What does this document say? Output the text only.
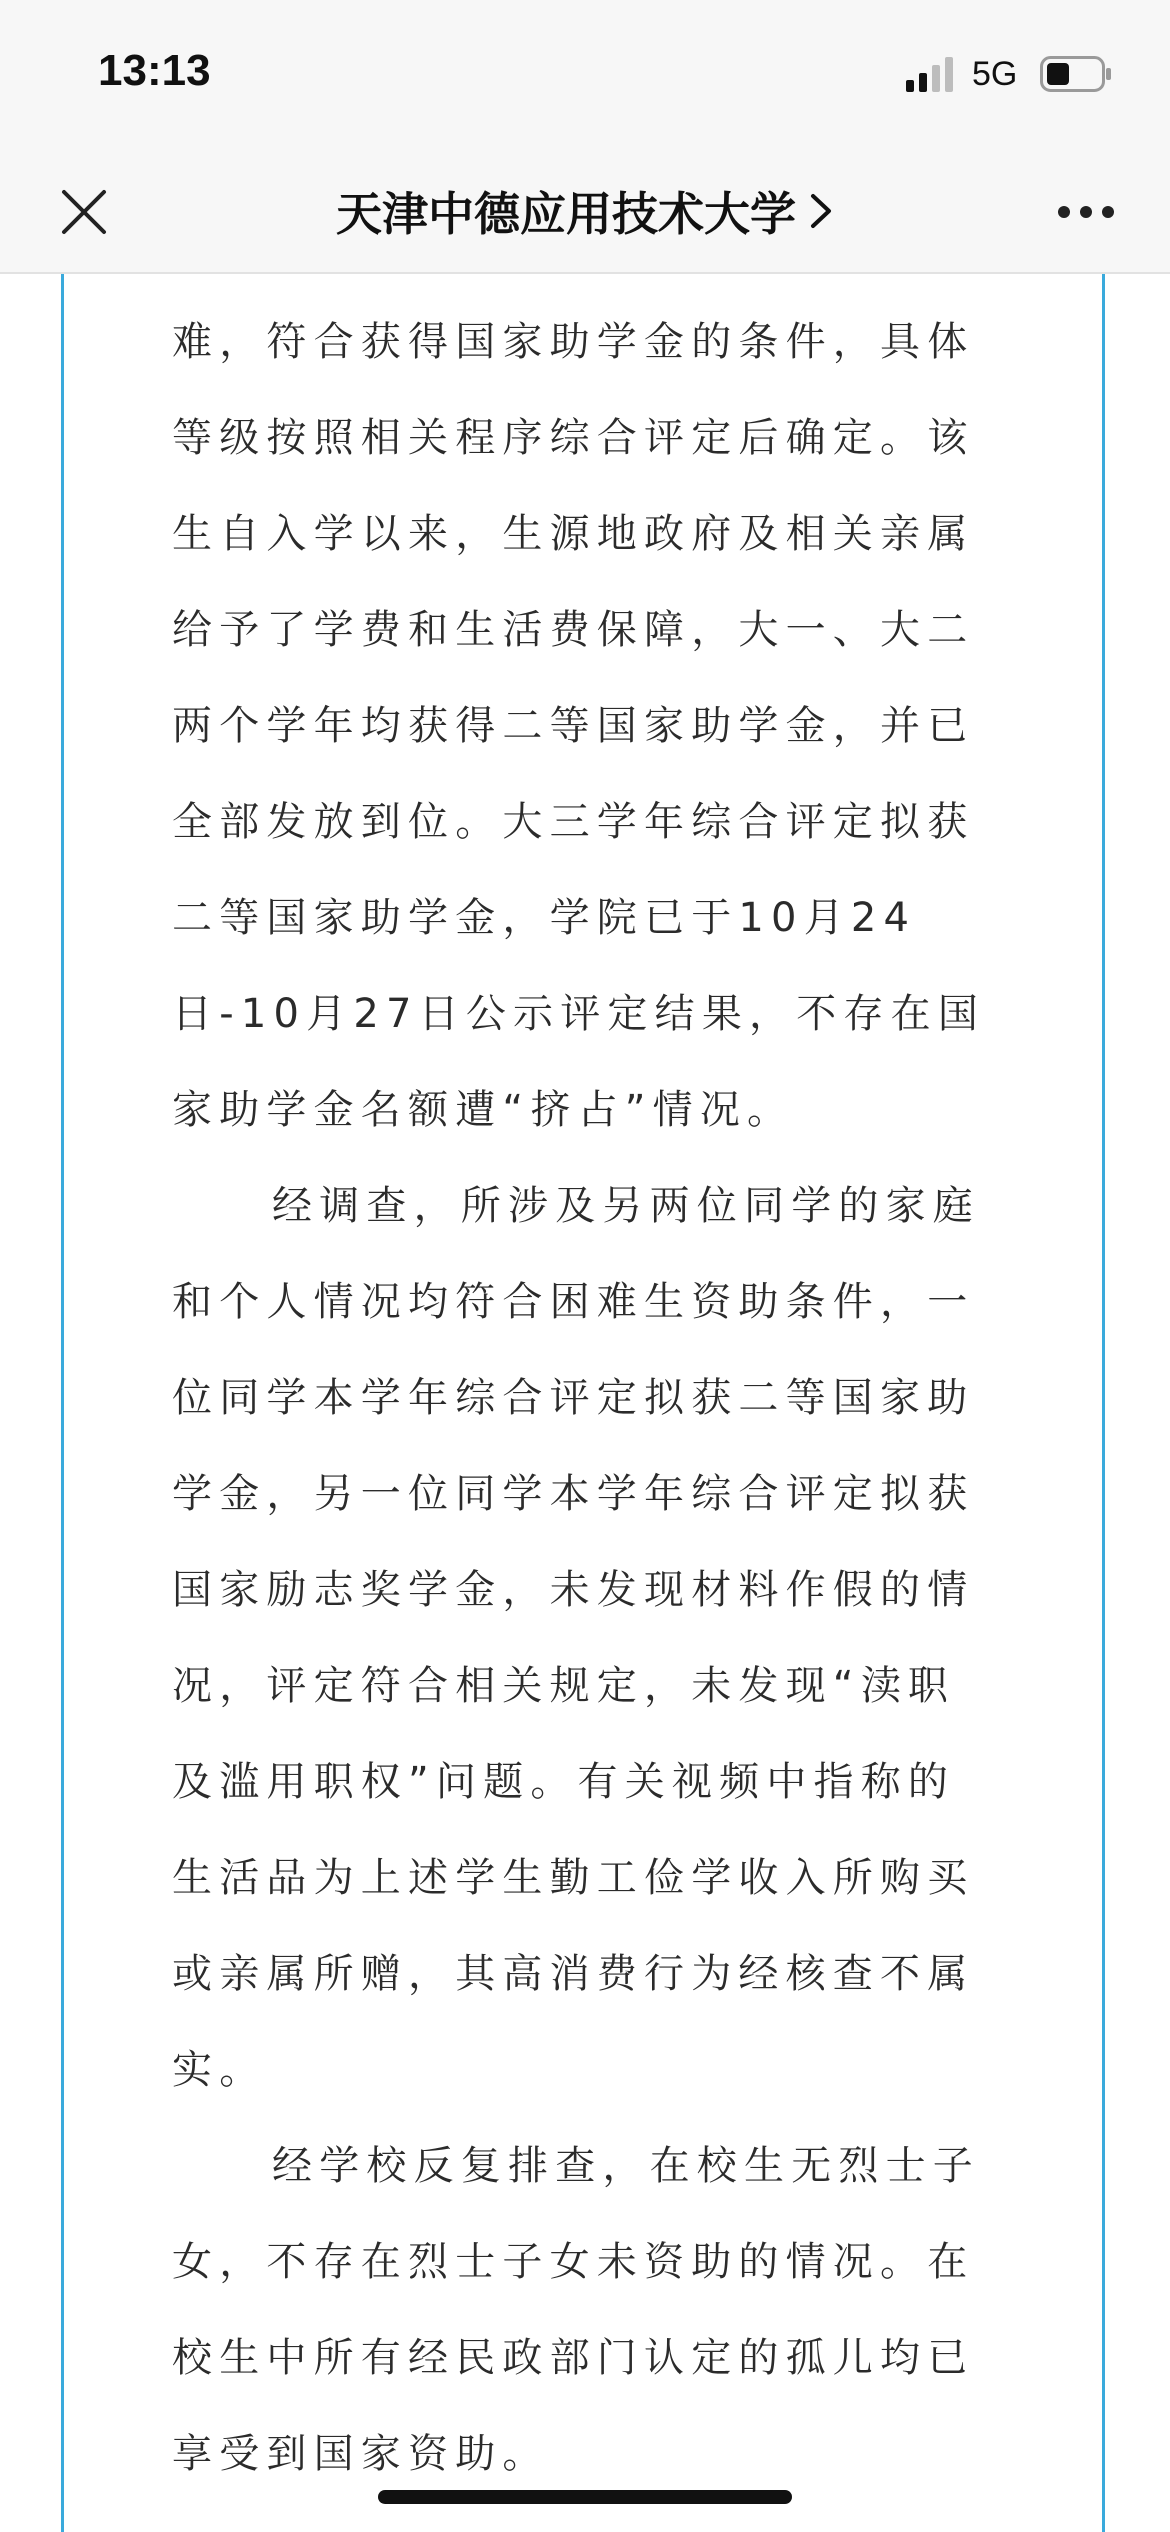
13:13	5G
天津中德应用技术大学

难，符合获得国家助学金的条件，具体等级按照相关程序综合评定后确定。该生自入学以来，生源地政府及相关亲属给予了学费和生活费保障，大一、大二两个学年均获得二等国家助学金，并已全部发放到位。大三学年综合评定拟获二等国家助学金，学院已于10月24日-10月27日公示评定结果，不存在国家助学金名额遭“挤占”情况。

经调查，所涉及另两位同学的家庭和个人情况均符合困难生资助条件，一位同学本学年综合评定拟获二等国家助学金，另一位同学本学年综合评定拟获国家励志奖学金，未发现材料作假的情况，评定符合相关规定，未发现“渎职及滥用职权”问题。有关视频中指称的生活品为上述学生勤工俭学收入所购买或亲属所赠，其高消费行为经核查不属实。

经学校反复排查，在校生无烈士子女，不存在烈士子女未资助的情况。在校生中所有经民政部门认定的孤儿均已享受到国家资助。
